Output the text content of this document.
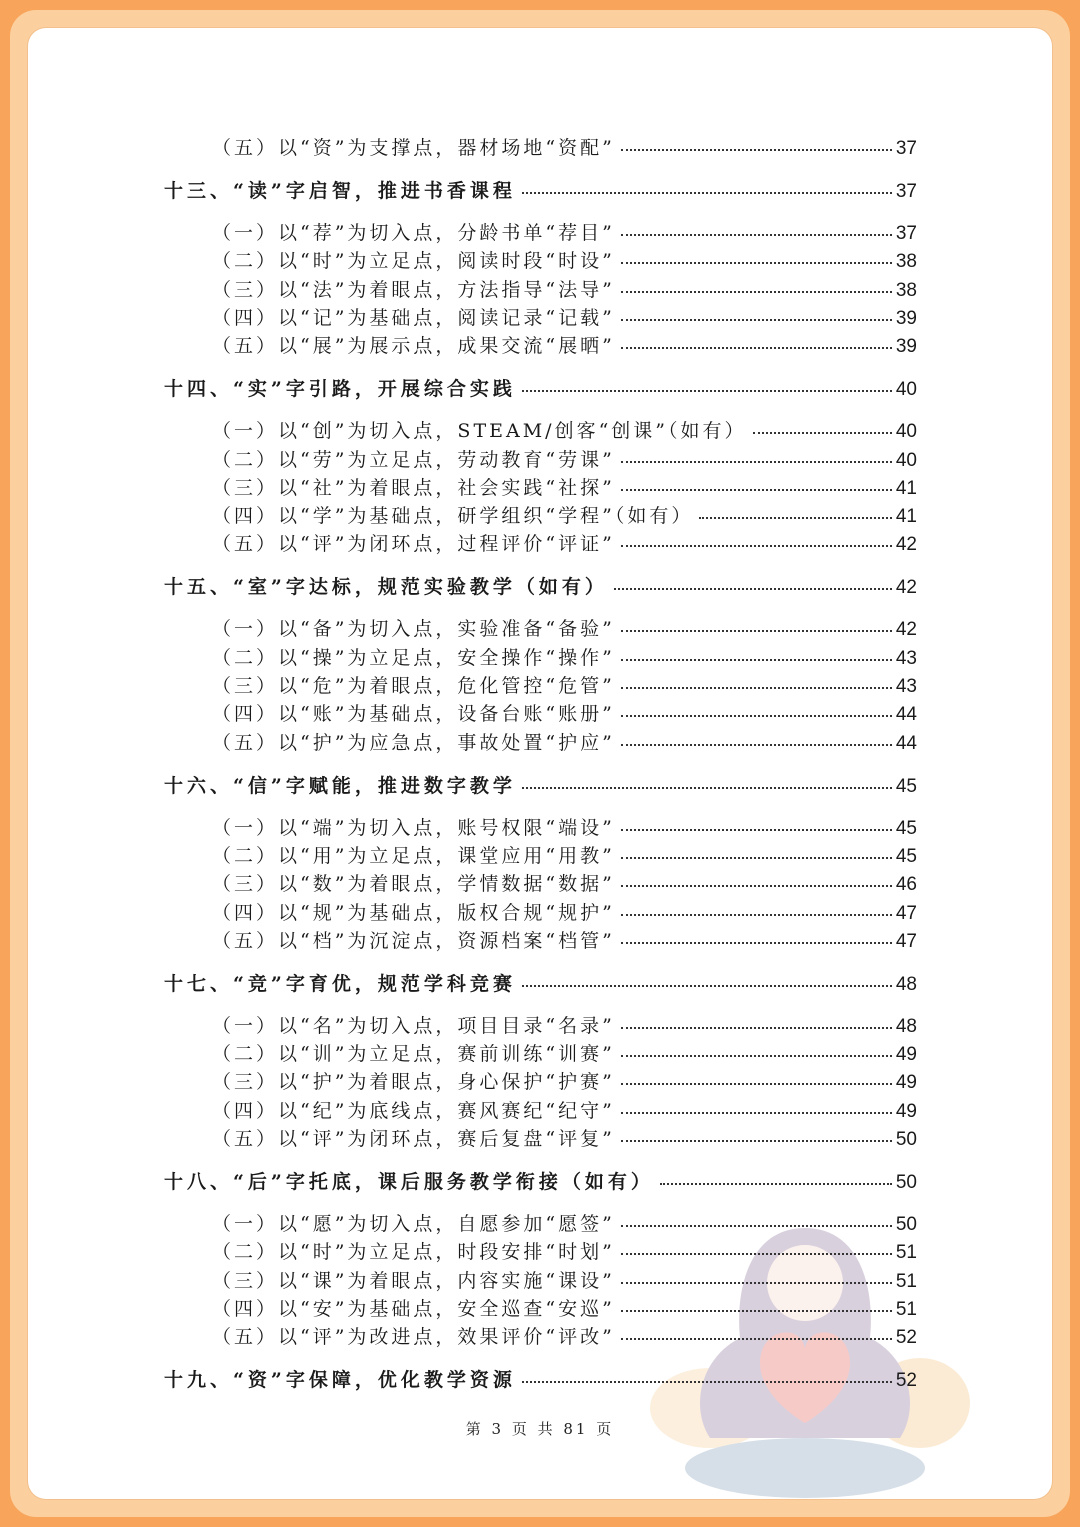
（五）以“资”为支撑点，器材场地“资配”	37
十三、“读”字启智，推进书香课程	37
（一）以“荐”为切入点，分龄书单“荐目”	37
（二）以“时”为立足点，阅读时段“时设”	38
（三）以“法”为着眼点，方法指导“法导”	38
（四）以“记”为基础点，阅读记录“记载”	39
（五）以“展”为展示点，成果交流“展晒”	39
十四、“实”字引路，开展综合实践	40
（一）以“创”为切入点，STEAM/创客“创课”（如有）	40
（二）以“劳”为立足点，劳动教育“劳课”	40
（三）以“社”为着眼点，社会实践“社探”	41
（四）以“学”为基础点，研学组织“学程”（如有）	41
（五）以“评”为闭环点，过程评价“评证”	42
十五、“室”字达标，规范实验教学（如有）	42
（一）以“备”为切入点，实验准备“备验”	42
（二）以“操”为立足点，安全操作“操作”	43
（三）以“危”为着眼点，危化管控“危管”	43
（四）以“账”为基础点，设备台账“账册”	44
（五）以“护”为应急点，事故处置“护应”	44
十六、“信”字赋能，推进数字教学	45
（一）以“端”为切入点，账号权限“端设”	45
（二）以“用”为立足点，课堂应用“用教”	45
（三）以“数”为着眼点，学情数据“数据”	46
（四）以“规”为基础点，版权合规“规护”	47
（五）以“档”为沉淀点，资源档案“档管”	47
十七、“竞”字育优，规范学科竞赛	48
（一）以“名”为切入点，项目目录“名录”	48
（二）以“训”为立足点，赛前训练“训赛”	49
（三）以“护”为着眼点，身心保护“护赛”	49
（四）以“纪”为底线点，赛风赛纪“纪守”	49
（五）以“评”为闭环点，赛后复盘“评复”	50
十八、“后”字托底，课后服务教学衔接（如有）	50
（一）以“愿”为切入点，自愿参加“愿签”	50
（二）以“时”为立足点，时段安排“时划”	51
（三）以“课”为着眼点，内容实施“课设”	51
（四）以“安”为基础点，安全巡查“安巡”	51
（五）以“评”为改进点，效果评价“评改”	52
十九、“资”字保障，优化教学资源	52
第 3 页 共 81 页
